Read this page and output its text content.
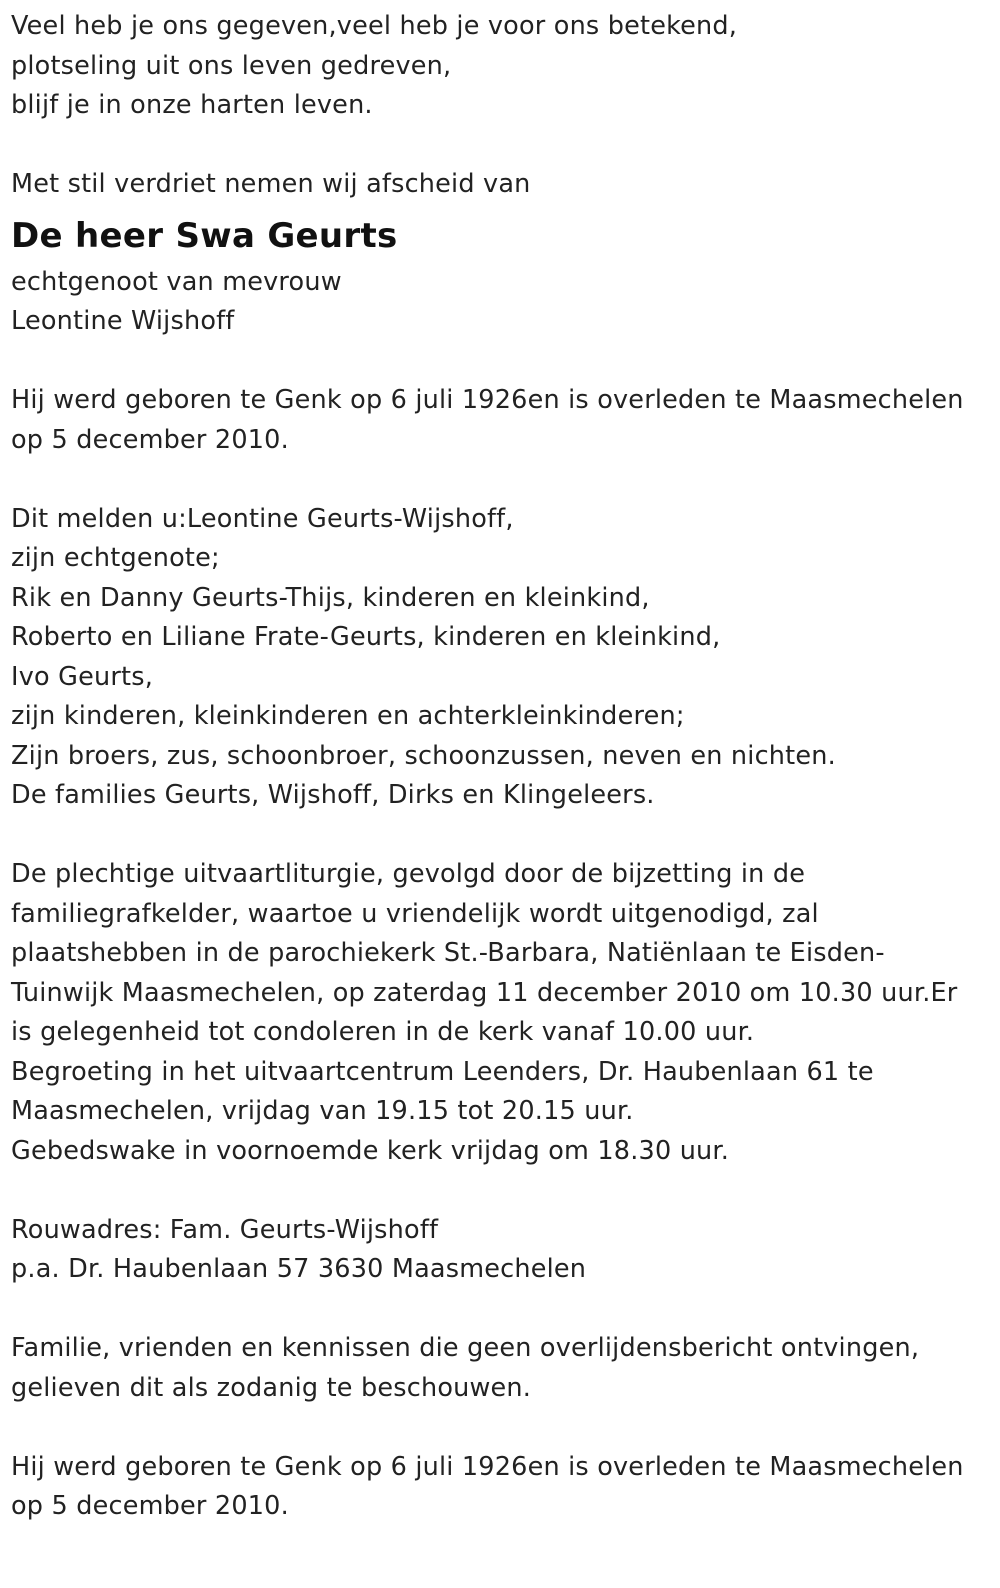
Veel heb je ons gegeven,veel heb je voor ons betekend,
plotseling uit ons leven gedreven,
blijf je in onze harten leven.
Met stil verdriet nemen wij afscheid van
De heer Swa Geurts
echtgenoot van mevrouw
Leontine Wijshoff
Hij werd geboren te Genk op 6 juli 1926en is overleden te Maasmechelen
op 5 december 2010.
Dit melden u:Leontine Geurts-Wijshoff,
zijn echtgenote;
Rik en Danny Geurts-Thijs, kinderen en kleinkind,
Roberto en Liliane Frate-Geurts, kinderen en kleinkind,
Ivo Geurts,
zijn kinderen, kleinkinderen en achterkleinkinderen;
Zijn broers, zus, schoonbroer, schoonzussen, neven en nichten.
De families Geurts, Wijshoff, Dirks en Klingeleers.
De plechtige uitvaartliturgie, gevolgd door de bijzetting in de
familiegrafkelder, waartoe u vriendelijk wordt uitgenodigd, zal
plaatshebben in de parochiekerk St.-Barbara, Natiënlaan te Eisden-
Tuinwijk Maasmechelen, op zaterdag 11 december 2010 om 10.30 uur.Er
is gelegenheid tot condoleren in de kerk vanaf 10.00 uur.
Begroeting in het uitvaartcentrum Leenders, Dr. Haubenlaan 61 te
Maasmechelen, vrijdag van 19.15 tot 20.15 uur.
Gebedswake in voornoemde kerk vrijdag om 18.30 uur.
Rouwadres: Fam. Geurts-Wijshoff
p.a. Dr. Haubenlaan 57 3630 Maasmechelen
Familie, vrienden en kennissen die geen overlijdensbericht ontvingen,
gelieven dit als zodanig te beschouwen.
Hij werd geboren te Genk op 6 juli 1926en is overleden te Maasmechelen
op 5 december 2010.
